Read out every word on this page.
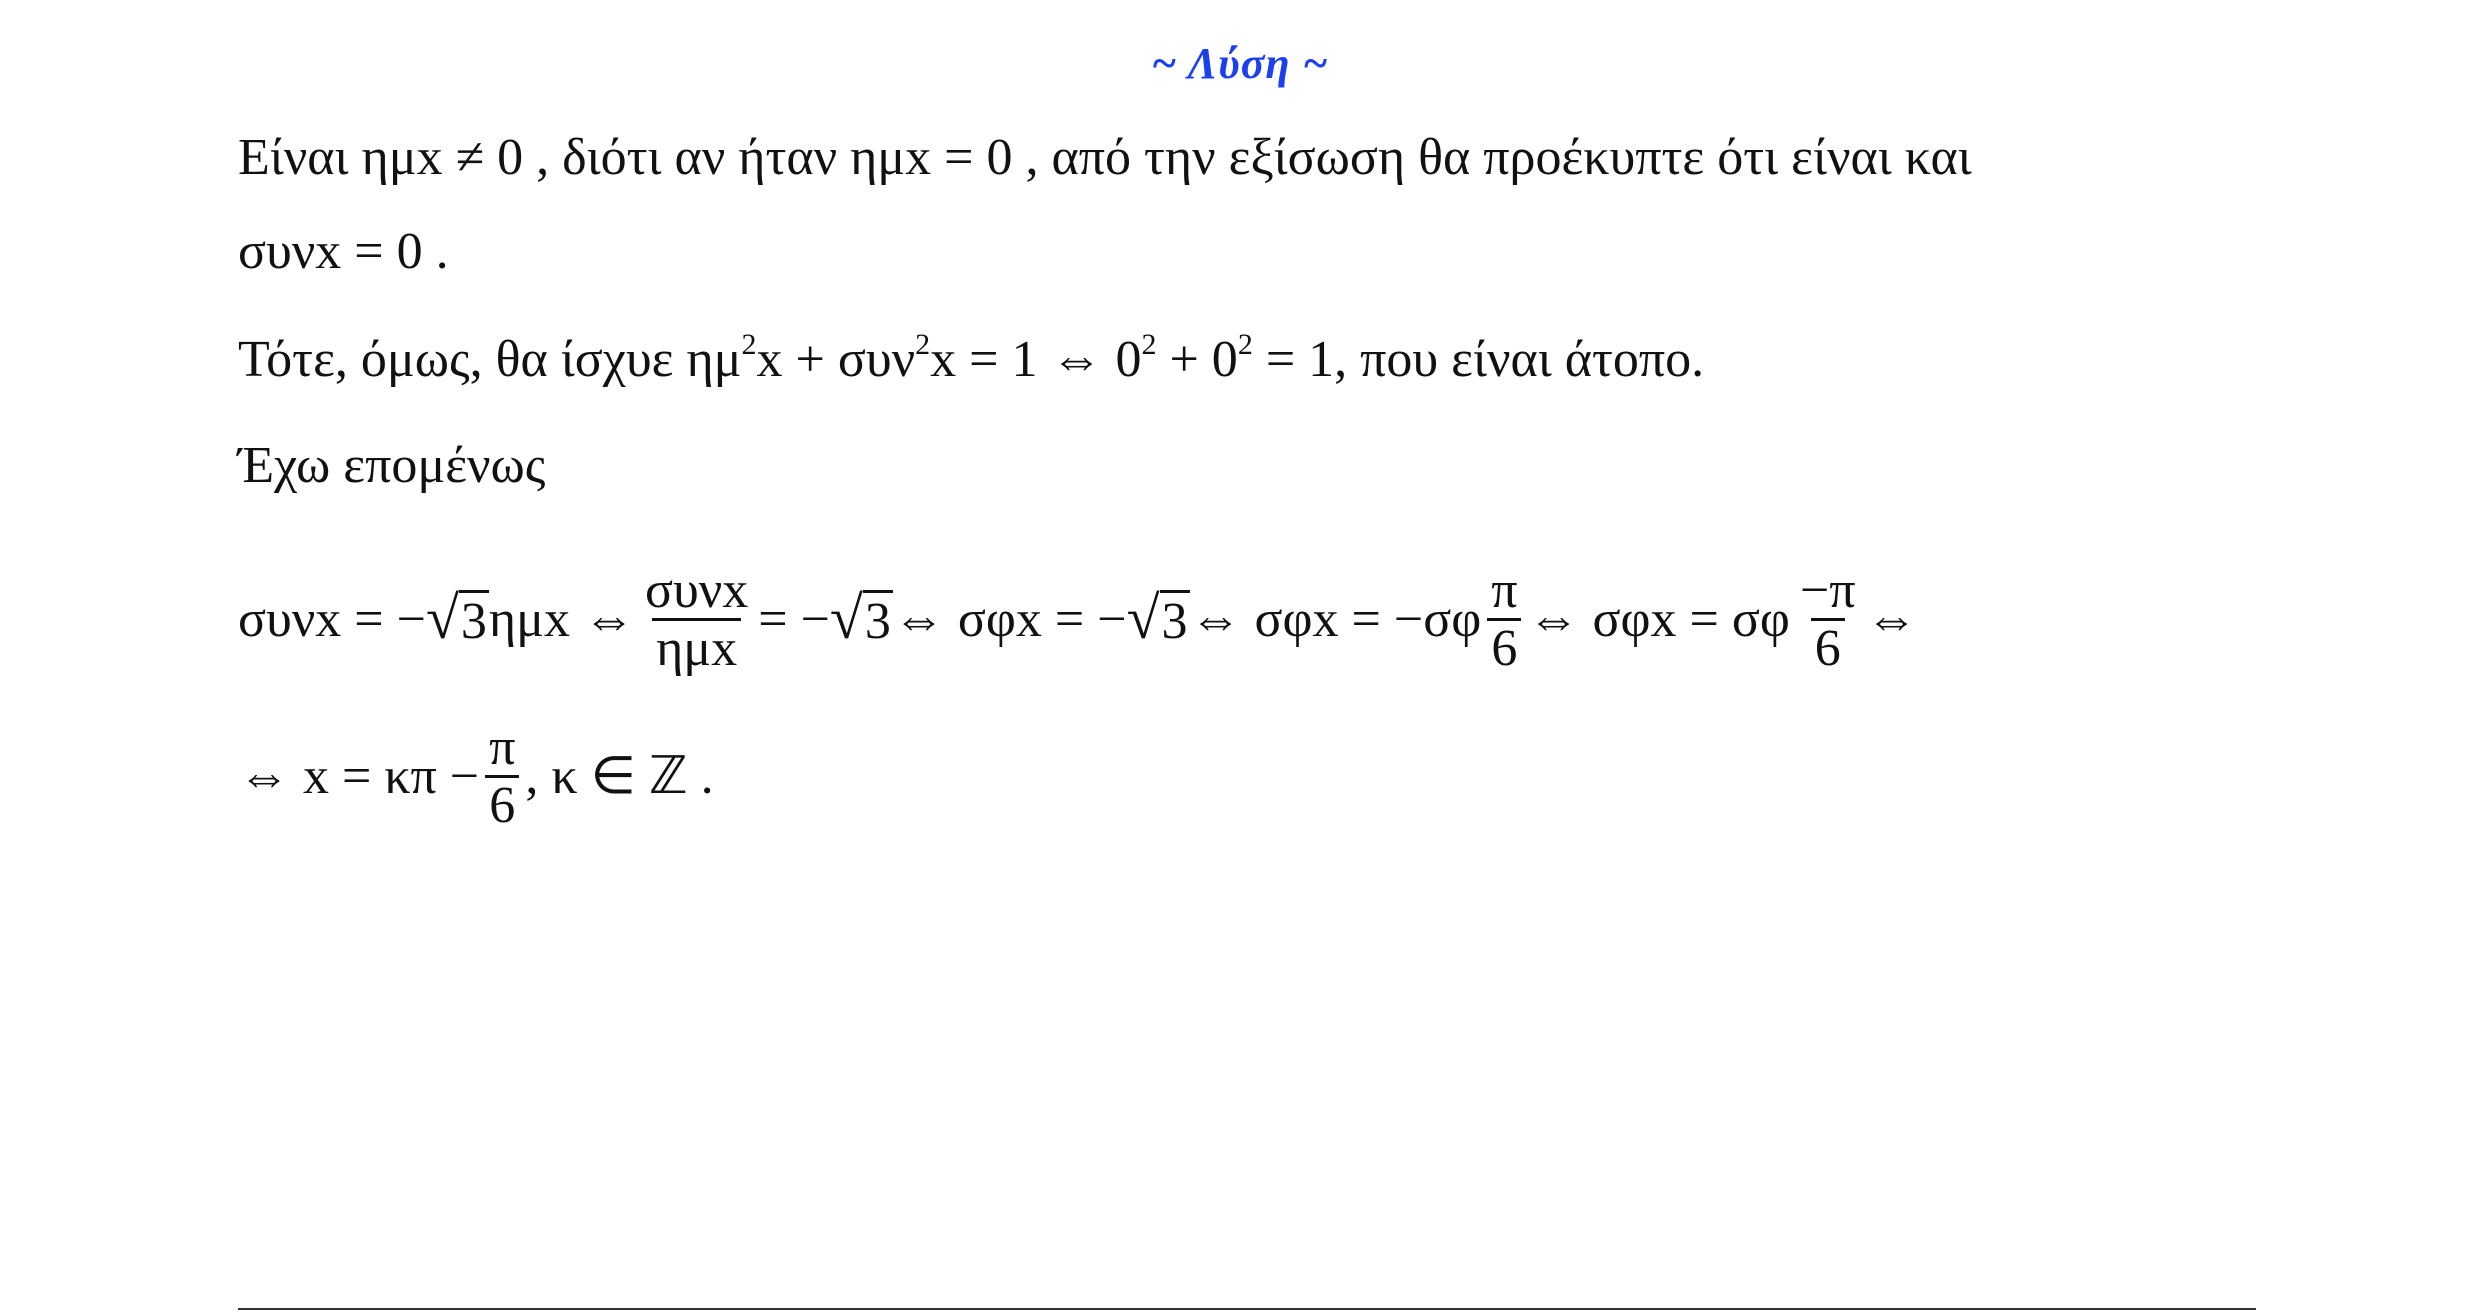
~ Λύση ~
Είναι ημx ≠ 0 , διότι αν ήταν ημx = 0 , από την εξίσωση θα προέκυπτε ότι είναι και
συνx = 0 .
Τότε, όμως, θα ίσχυε $\eta\mu^2x + \sigma\upsilon\nu^2x = 1$ ⇔ $0^2 + 0^2 = 1$, που είναι άτοπο.
Έχω επομένως
συνx = − √3 ημx ⇔ $\frac{\text{συνx}}{\text{ημx}}$ = − √3 ⇔ σφx = − √3 ⇔ $\sigma\varphi x = -\sigma\varphi \frac{\pi}{6}$ ⇔ σφx = σφ $\frac{-\pi}{6}$ ⇔
⇔ $x = \kappa\pi - \frac{\pi}{6}$ , κ ∈ ℤ .
